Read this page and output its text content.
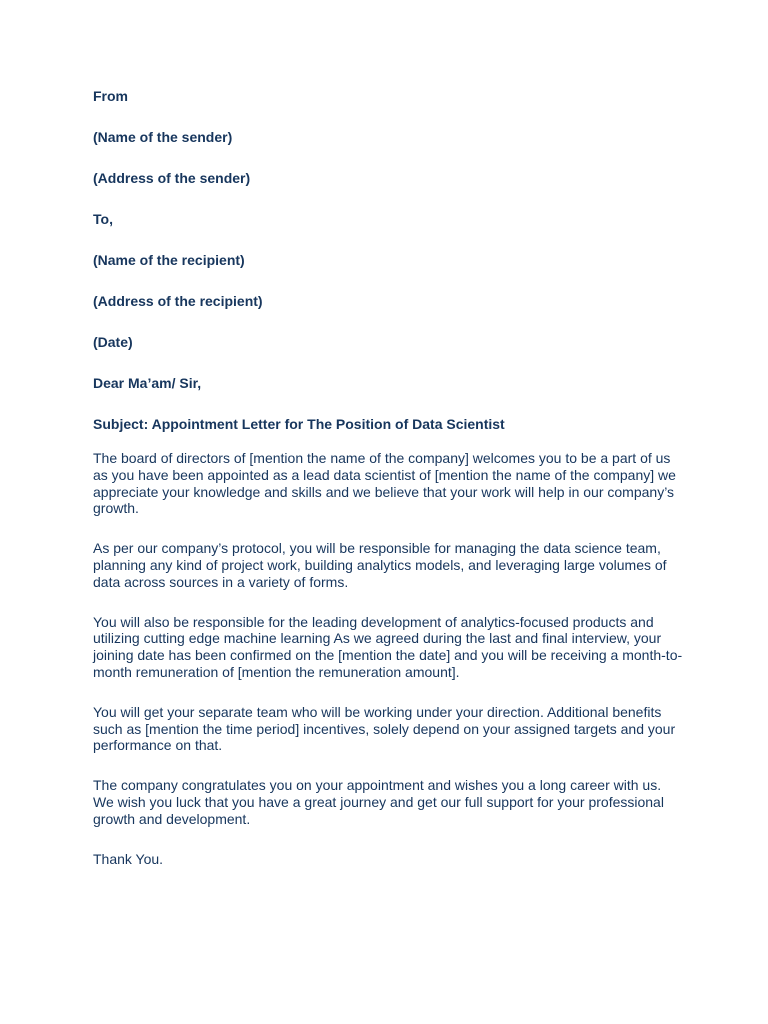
From
(Name of the sender)
(Address of the sender)
To,
(Name of the recipient)
(Address of the recipient)
(Date)
Dear Ma’am/ Sir,
Subject: Appointment Letter for The Position of Data Scientist

The board of directors of [mention the name of the company] welcomes you to be a part of us as you have been appointed as a lead data scientist of [mention the name of the company] we appreciate your knowledge and skills and we believe that your work will help in our company’s growth.

As per our company’s protocol, you will be responsible for managing the data science team, planning any kind of project work, building analytics models, and leveraging large volumes of data across sources in a variety of forms.

You will also be responsible for the leading development of analytics-focused products and utilizing cutting edge machine learning As we agreed during the last and final interview, your joining date has been confirmed on the [mention the date] and you will be receiving a month-to-month remuneration of [mention the remuneration amount].

You will get your separate team who will be working under your direction. Additional benefits such as [mention the time period] incentives, solely depend on your assigned targets and your performance on that.

The company congratulates you on your appointment and wishes you a long career with us. We wish you luck that you have a great journey and get our full support for your professional growth and development.

Thank You.
